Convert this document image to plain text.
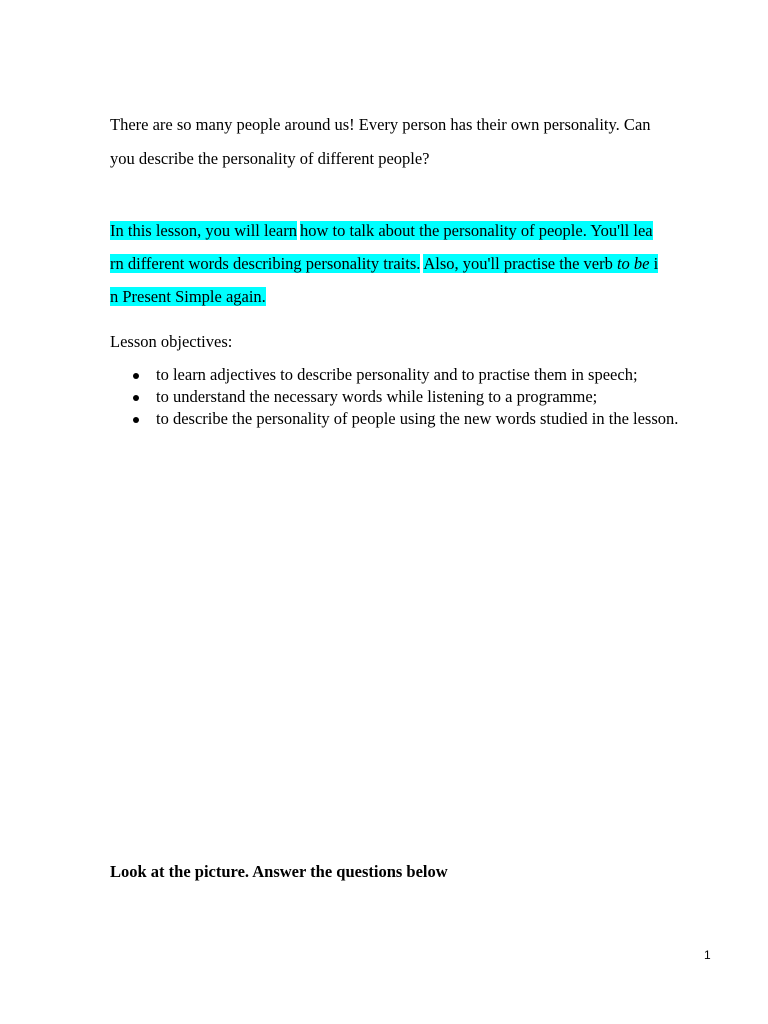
There are so many people around us! Every person has their own personality. Can
you describe the personality of different people?

In this lesson, you will learn how to talk about the personality of people. You'll lea
rn different words describing personality traits. Also, you'll practise the verb to be i
n Present Simple again.

Lesson objectives:

to learn adjectives to describe personality and to practise them in speech;
to understand the necessary words while listening to a programme;
to describe the personality of people using the new words studied in the lesson.

Look at the picture. Answer the questions below

1
